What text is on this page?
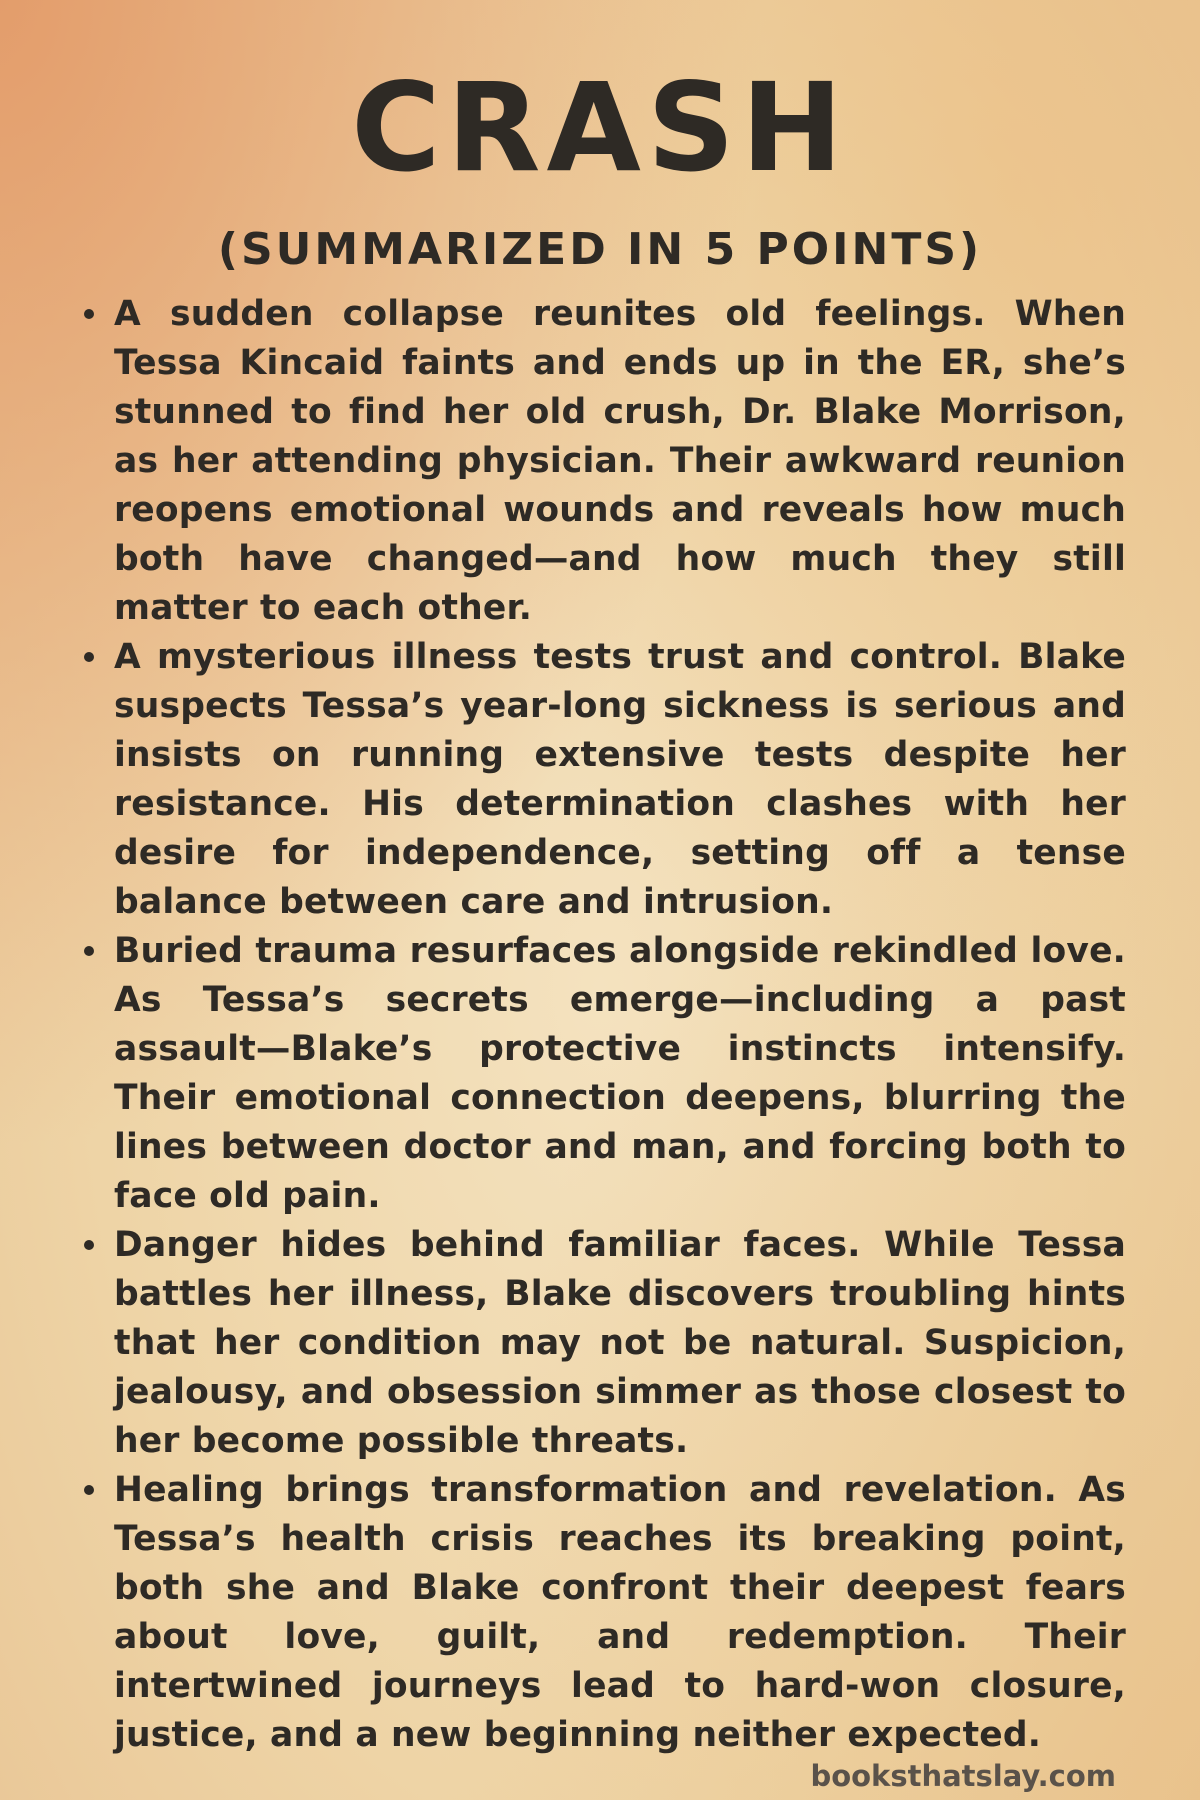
CRASH
(SUMMARIZED IN 5 POINTS)
A sudden collapse reunites old feelings. When Tessa Kincaid faints and ends up in the ER, she’s stunned to find her old crush, Dr. Blake Morrison, as her attending physician. Their awkward reunion reopens emotional wounds and reveals how much both have changed—and how much they still matter to each other.
A mysterious illness tests trust and control. Blake suspects Tessa’s year-long sickness is serious and insists on running extensive tests despite her resistance. His determination clashes with her desire for independence, setting off a tense balance between care and intrusion.
Buried trauma resurfaces alongside rekindled love. As Tessa’s secrets emerge—including a past assault—Blake’s protective instincts intensify. Their emotional connection deepens, blurring the lines between doctor and man, and forcing both to face old pain.
Danger hides behind familiar faces. While Tessa battles her illness, Blake discovers troubling hints that her condition may not be natural. Suspicion, jealousy, and obsession simmer as those closest to her become possible threats.
Healing brings transformation and revelation. As Tessa’s health crisis reaches its breaking point, both she and Blake confront their deepest fears about love, guilt, and redemption. Their intertwined journeys lead to hard-won closure, justice, and a new beginning neither expected.
booksthatslay.com
